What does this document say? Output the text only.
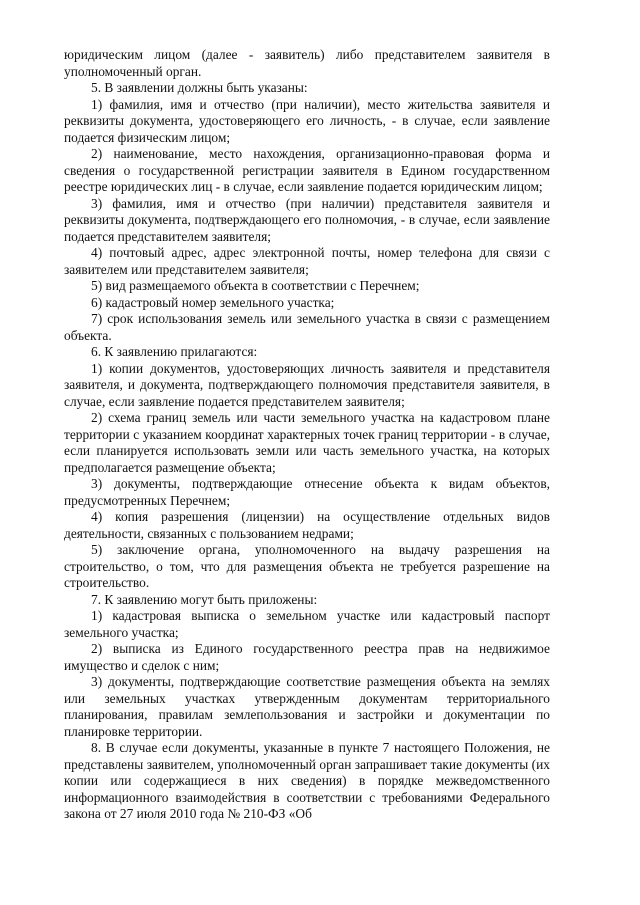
юридическим лицом (далее - заявитель) либо представителем заявителя в уполномоченный орган.

5. В заявлении должны быть указаны:

1) фамилия, имя и отчество (при наличии), место жительства заявителя и реквизиты документа, удостоверяющего его личность, - в случае, если заявление подается физическим лицом;

2) наименование, место нахождения, организационно-правовая форма и сведения о государственной регистрации заявителя в Едином государственном реестре юридических лиц - в случае, если заявление подается юридическим лицом;

3) фамилия, имя и отчество (при наличии) представителя заявителя и реквизиты документа, подтверждающего его полномочия, - в случае, если заявление подается представителем заявителя;

4) почтовый адрес, адрес электронной почты, номер телефона для связи с заявителем или представителем заявителя;

5) вид размещаемого объекта в соответствии с Перечнем;

6) кадастровый номер земельного участка;

7) срок использования земель или земельного участка в связи с размещением объекта.

6. К заявлению прилагаются:

1) копии документов, удостоверяющих личность заявителя и представителя заявителя, и документа, подтверждающего полномочия представителя заявителя, в случае, если заявление подается представителем заявителя;

2) схема границ земель или части земельного участка на кадастровом плане территории с указанием координат характерных точек границ территории - в случае, если планируется использовать земли или часть земельного участка, на которых предполагается размещение объекта;

3) документы, подтверждающие отнесение объекта к видам объектов, предусмотренных Перечнем;

4) копия разрешения (лицензии) на осуществление отдельных видов деятельности, связанных с пользованием недрами;

5) заключение органа, уполномоченного на выдачу разрешения на строительство, о том, что для размещения объекта не требуется разрешение на строительство.

7. К заявлению могут быть приложены:

1) кадастровая выписка о земельном участке или кадастровый паспорт земельного участка;

2) выписка из Единого государственного реестра прав на недвижимое имущество и сделок с ним;

3) документы, подтверждающие соответствие размещения объекта на землях или земельных участках утвержденным документам территориального планирования, правилам землепользования и застройки и документации по планировке территории.

8. В случае если документы, указанные в пункте 7 настоящего Положения, не представлены заявителем, уполномоченный орган запрашивает такие документы (их копии или содержащиеся в них сведения) в порядке межведомственного информационного взаимодействия в соответствии с требованиями Федерального закона от 27 июля 2010 года № 210-ФЗ «Об
